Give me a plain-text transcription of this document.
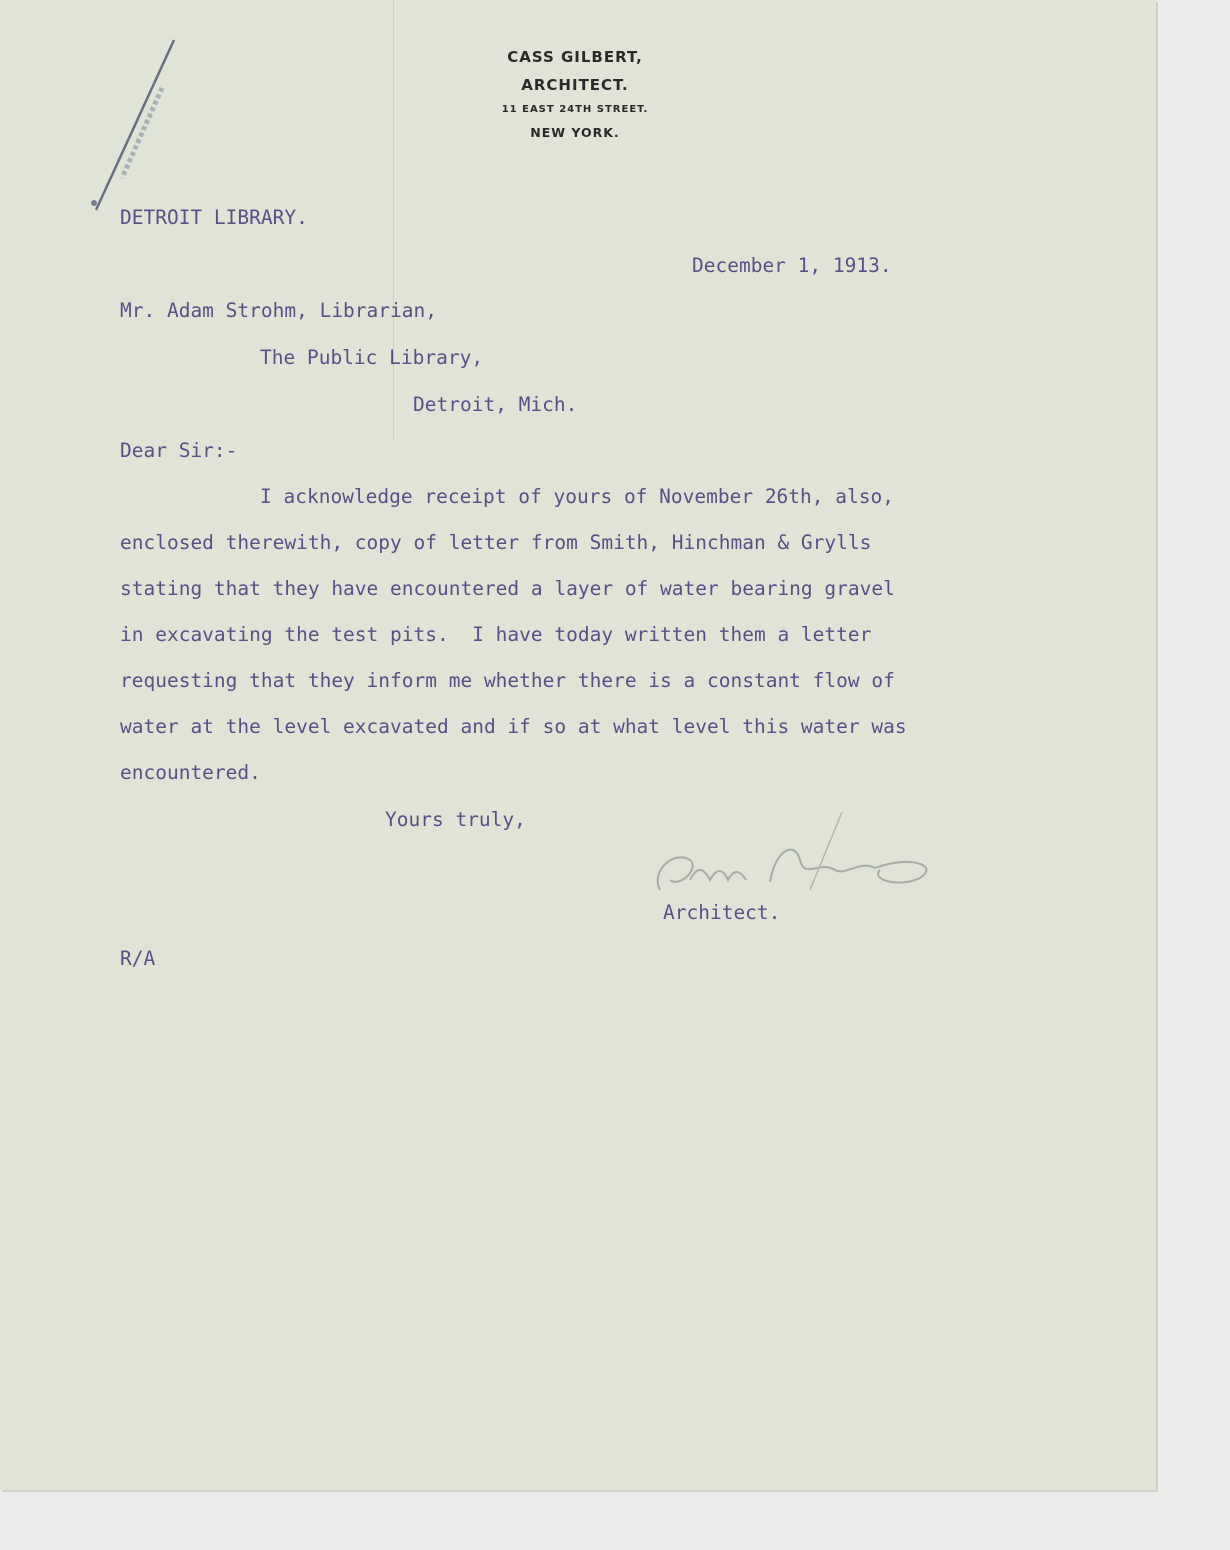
CASS GILBERT,

ARCHITECT.

11 EAST 24TH STREET.

NEW YORK.

DETROIT LIBRARY.

December 1, 1913.

Mr. Adam Strohm, Librarian,

The Public Library,

Detroit, Mich.

Dear Sir:-

I acknowledge receipt of yours of November 26th, also,

enclosed therewith, copy of letter from Smith, Hinchman & Grylls

stating that they have encountered a layer of water bearing gravel

in excavating the test pits.  I have today written them a letter

requesting that they inform me whether there is a constant flow of

water at the level excavated and if so at what level this water was

encountered.

Yours truly,

Architect.

R/A
